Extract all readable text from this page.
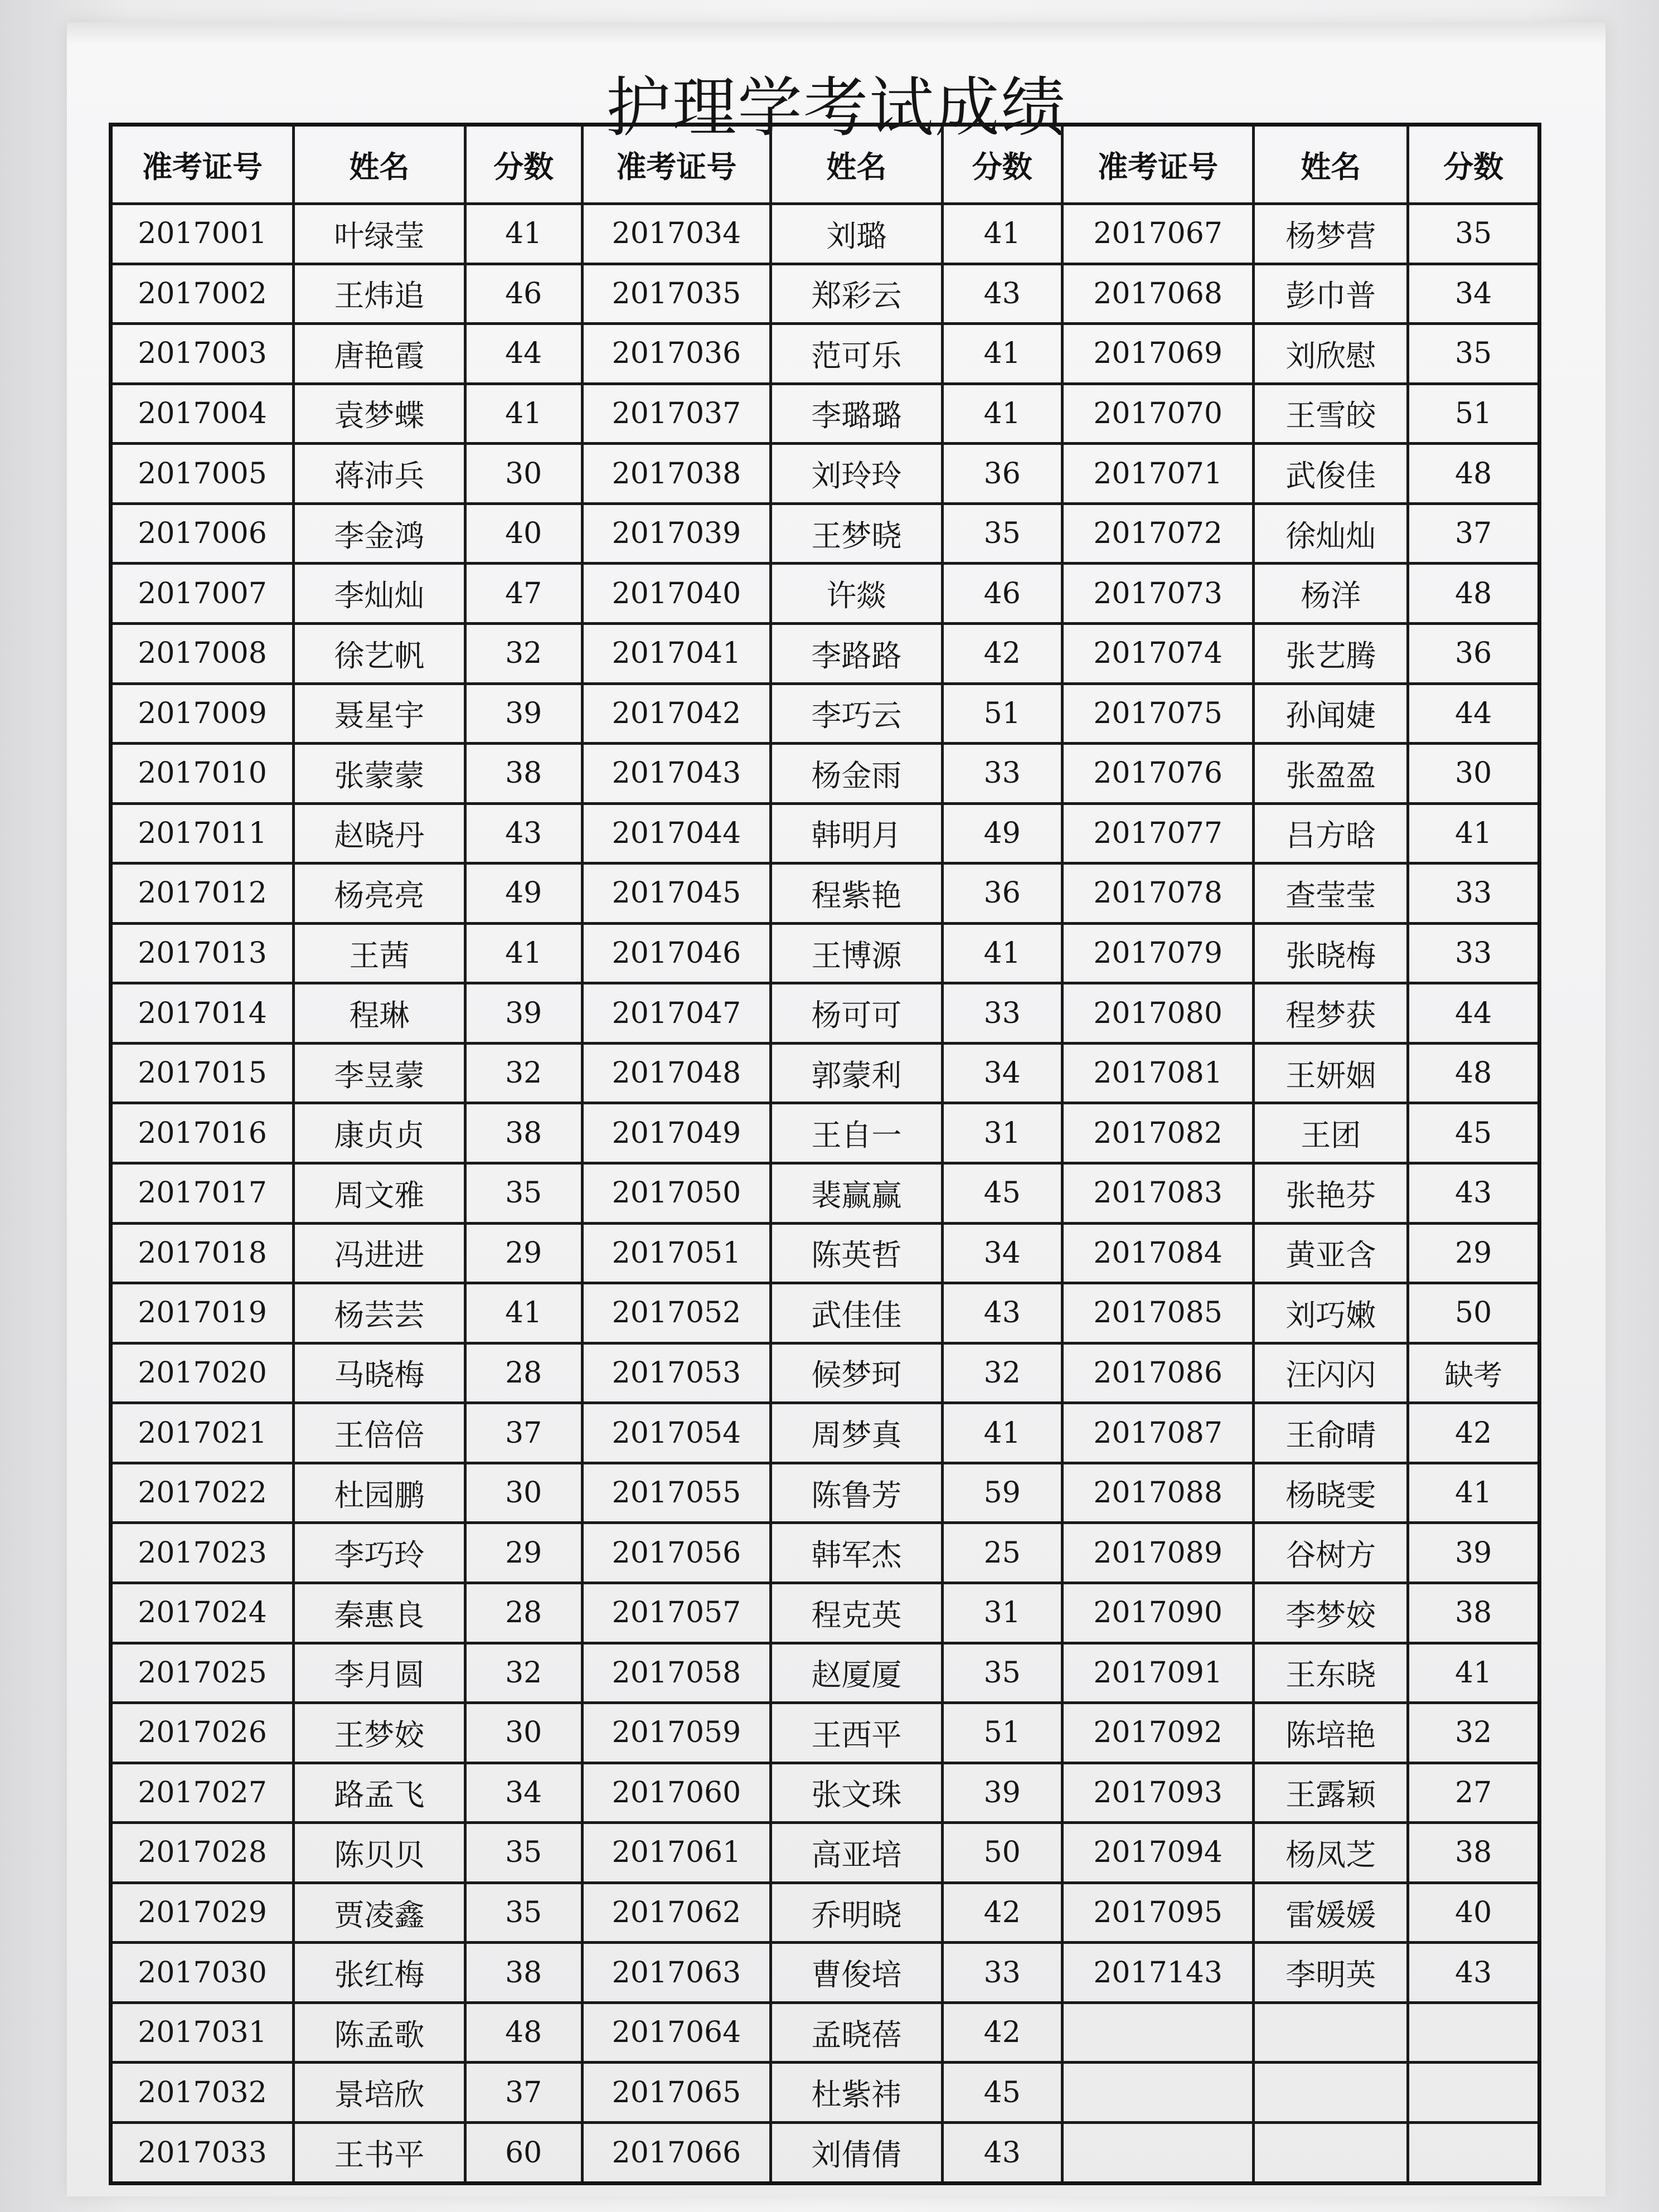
护理学考试成绩
准考证号	姓名	分数	准考证号	姓名	分数	准考证号	姓名	分数
2017001	叶绿莹	41	2017034	刘璐	41	2017067	杨梦营	35
2017002	王炜追	46	2017035	郑彩云	43	2017068	彭巾普	34
2017003	唐艳霞	44	2017036	范可乐	41	2017069	刘欣慰	35
2017004	袁梦蝶	41	2017037	李璐璐	41	2017070	王雪皎	51
2017005	蒋沛兵	30	2017038	刘玲玲	36	2017071	武俊佳	48
2017006	李金鸿	40	2017039	王梦晓	35	2017072	徐灿灿	37
2017007	李灿灿	47	2017040	许燚	46	2017073	杨洋	48
2017008	徐艺帆	32	2017041	李路路	42	2017074	张艺腾	36
2017009	聂星宇	39	2017042	李巧云	51	2017075	孙闻婕	44
2017010	张蒙蒙	38	2017043	杨金雨	33	2017076	张盈盈	30
2017011	赵晓丹	43	2017044	韩明月	49	2017077	吕方晗	41
2017012	杨亮亮	49	2017045	程紫艳	36	2017078	查莹莹	33
2017013	王茜	41	2017046	王博源	41	2017079	张晓梅	33
2017014	程琳	39	2017047	杨可可	33	2017080	程梦获	44
2017015	李昱蒙	32	2017048	郭蒙利	34	2017081	王妍姻	48
2017016	康贞贞	38	2017049	王自一	31	2017082	王团	45
2017017	周文雅	35	2017050	裴赢赢	45	2017083	张艳芬	43
2017018	冯进进	29	2017051	陈英哲	34	2017084	黄亚含	29
2017019	杨芸芸	41	2017052	武佳佳	43	2017085	刘巧嫩	50
2017020	马晓梅	28	2017053	候梦珂	32	2017086	汪闪闪	缺考
2017021	王倍倍	37	2017054	周梦真	41	2017087	王俞晴	42
2017022	杜园鹏	30	2017055	陈鲁芳	59	2017088	杨晓雯	41
2017023	李巧玲	29	2017056	韩军杰	25	2017089	谷树方	39
2017024	秦惠良	28	2017057	程克英	31	2017090	李梦姣	38
2017025	李月圆	32	2017058	赵厦厦	35	2017091	王东晓	41
2017026	王梦姣	30	2017059	王西平	51	2017092	陈培艳	32
2017027	路孟飞	34	2017060	张文珠	39	2017093	王露颖	27
2017028	陈贝贝	35	2017061	高亚培	50	2017094	杨凤芝	38
2017029	贾凌鑫	35	2017062	乔明晓	42	2017095	雷媛媛	40
2017030	张红梅	38	2017063	曹俊培	33	2017143	李明英	43
2017031	陈孟歌	48	2017064	孟晓蓓	42			
2017032	景培欣	37	2017065	杜紫祎	45			
2017033	王书平	60	2017066	刘倩倩	43			
